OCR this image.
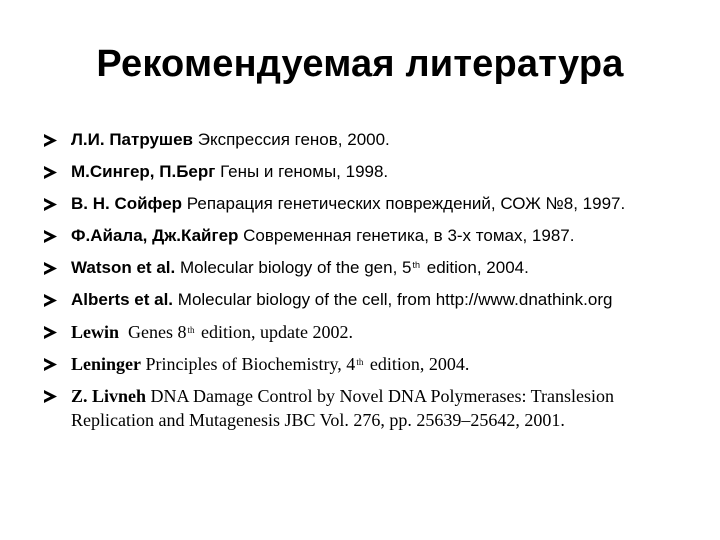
Рекомендуемая литература
Л.И. Патрушев Экспрессия генов, 2000.
М.Сингер, П.Берг Гены и геномы, 1998.
В. Н. Сойфер Репарация генетических повреждений, СОЖ №8, 1997.
Ф.Айала, Дж.Кайгер Современная генетика, в 3-х томах, 1987.
Watson et al. Molecular biology of the gen, 5th edition, 2004.
Alberts et al. Molecular biology of the cell, from http://www.dnathink.org
Lewin Genes 8th edition, update 2002.
Leninger Principles of Biochemistry, 4th edition, 2004.
Z. Livneh DNA Damage Control by Novel DNA Polymerases: Translesion Replication and Mutagenesis JBC Vol. 276, pp. 25639–25642, 2001.
